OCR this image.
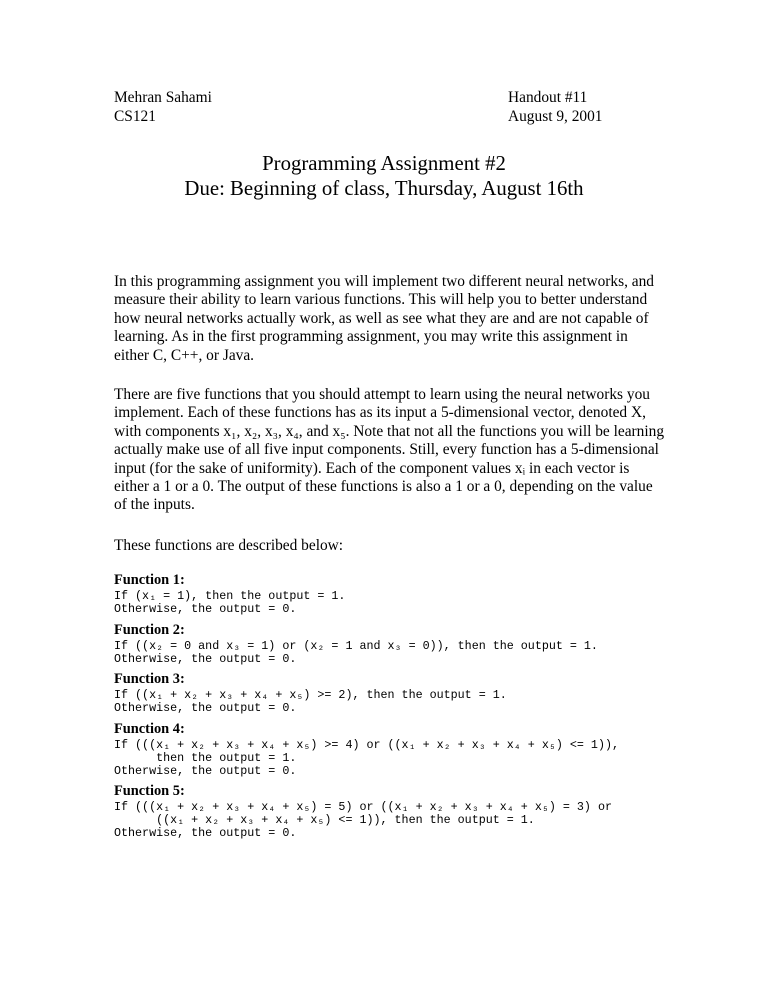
Mehran Sahami
CS121
Handout #11
August 9, 2001
Programming Assignment #2
Due: Beginning of class, Thursday, August 16th
In this programming assignment you will implement two different neural networks, and
measure their ability to learn various functions. This will help you to better understand
how neural networks actually work, as well as see what they are and are not capable of
learning. As in the first programming assignment, you may write this assignment in
either C, C++, or Java.
There are five functions that you should attempt to learn using the neural networks you
implement. Each of these functions has as its input a 5-dimensional vector, denoted X,
with components x₁, x₂, x₃, x₄, and x₅. Note that not all the functions you will be learning
actually make use of all five input components. Still, every function has a 5-dimensional
input (for the sake of uniformity). Each of the component values xᵢ in each vector is
either a 1 or a 0. The output of these functions is also a 1 or a 0, depending on the value
of the inputs.
These functions are described below:
Function 1:
If (x₁ = 1), then the output = 1.
Otherwise, the output = 0.
Function 2:
If ((x₂ = 0 and x₃ = 1) or (x₂ = 1 and x₃ = 0)), then the output = 1.
Otherwise, the output = 0.
Function 3:
If ((x₁ + x₂ + x₃ + x₄ + x₅) >= 2), then the output = 1.
Otherwise, the output = 0.
Function 4:
If (((x₁ + x₂ + x₃ + x₄ + x₅) >= 4) or ((x₁ + x₂ + x₃ + x₄ + x₅) <= 1)),
then the output = 1.
Otherwise, the output = 0.
Function 5:
If (((x₁ + x₂ + x₃ + x₄ + x₅) = 5) or ((x₁ + x₂ + x₃ + x₄ + x₅) = 3) or
((x₁ + x₂ + x₃ + x₄ + x₅) <= 1)), then the output = 1.
Otherwise, the output = 0.
